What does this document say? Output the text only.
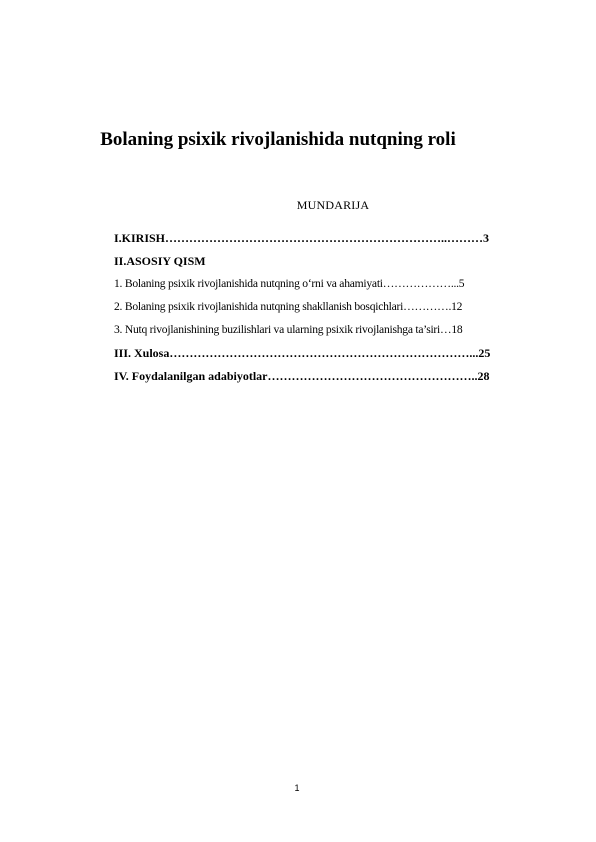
Bolaning psixik rivojlanishida nutqning roli
MUNDARIJA
I.KIRISH……………………………………………………………..………3
II.ASOSIY QISM
1. Bolaning psixik rivojlanishida nutqning o‘rni va ahamiyati………………...5
2. Bolaning psixik rivojlanishida nutqning shakllanish bosqichlari………….12
3. Nutq rivojlanishining buzilishlari va ularning psixik rivojlanishga ta’siri…18
III. Xulosa…………………………………………………………………...25
IV. Foydalanilgan adabiyotlar……………………………………………..28
1
